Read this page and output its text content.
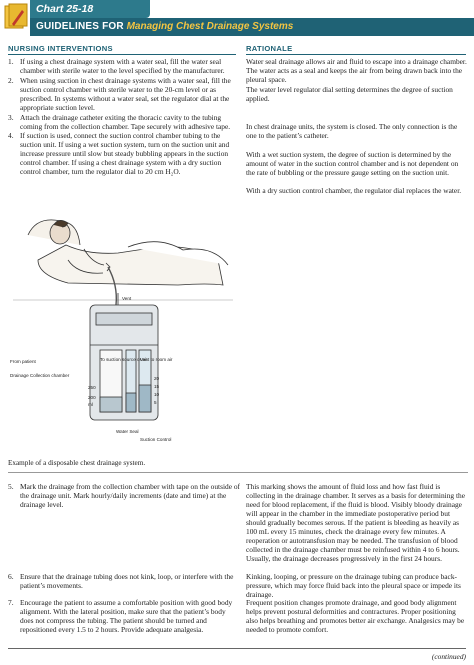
Chart 25-18
GUIDELINES FOR Managing Chest Drainage Systems
NURSING INTERVENTIONS	RATIONALE
1. If using a chest drainage system with a water seal, fill the water seal chamber with sterile water to the level specified by the manufacturer.
2. When using suction in chest drainage systems with a water seal, fill the suction control chamber with sterile water to the 20-cm level or as prescribed. In systems without a water seal, set the regulator dial at the appropriate suction level.
3. Attach the drainage catheter exiting the thoracic cavity to the tubing coming from the collection chamber. Tape securely with adhesive tape.
4. If suction is used, connect the suction control chamber tubing to the suction unit. If using a wet suction system, turn on the suction unit and increase pressure until slow but steady bubbling appears in the suction control chamber. If using a chest drainage system with a dry suction control chamber, turn the regulator dial to 20 cm H₂O.
Water seal drainage allows air and fluid to escape into a drainage chamber. The water acts as a seal and keeps the air from being drawn back into the pleural space.
The water level regulator dial setting determines the degree of suction applied.
In chest drainage units, the system is closed. The only connection is the one to the patient’s catheter.
With a wet suction system, the degree of suction is determined by the amount of water in the suction control chamber and is not dependent on the rate of bubbling or the pressure gauge setting on the suction unit.
With a dry suction control chamber, the regulator dial replaces the water.
Vent
From patient	To suction source or air
Vent to room air
Drainage Collection chamber
250
200
ml
20
15
10
5
Water Seal
Suction Control
Example of a disposable chest drainage system.
5. Mark the drainage from the collection chamber with tape on the outside of the drainage unit. Mark hourly/daily increments (date and time) at the drainage level.
6. Ensure that the drainage tubing does not kink, loop, or interfere with the patient’s movements.
7. Encourage the patient to assume a comfortable position with good body alignment. With the lateral position, make sure that the patient’s body does not compress the tubing. The patient should be turned and repositioned every 1.5 to 2 hours. Provide adequate analgesia.
This marking shows the amount of fluid loss and how fast fluid is collecting in the drainage chamber. It serves as a basis for determining the need for blood replacement, if the fluid is blood. Visibly bloody drainage will appear in the chamber in the immediate postoperative period but should gradually becomes serous. If the patient is bleeding as heavily as 100 mL every 15 minutes, check the drainage every few minutes. A reoperation or autotransfusion may be needed. The transfusion of blood collected in the drainage chamber must be reinfused within 4 to 6 hours. Usually, the drainage decreases progressively in the first 24 hours.
Kinking, looping, or pressure on the drainage tubing can produce back-pressure, which may force fluid back into the pleural space or impede its drainage.
Frequent position changes promote drainage, and good body alignment helps prevent postural deformities and contractures. Proper positioning also helps breathing and promotes better air exchange. Analgesics may be needed to promote comfort.
(continued)
